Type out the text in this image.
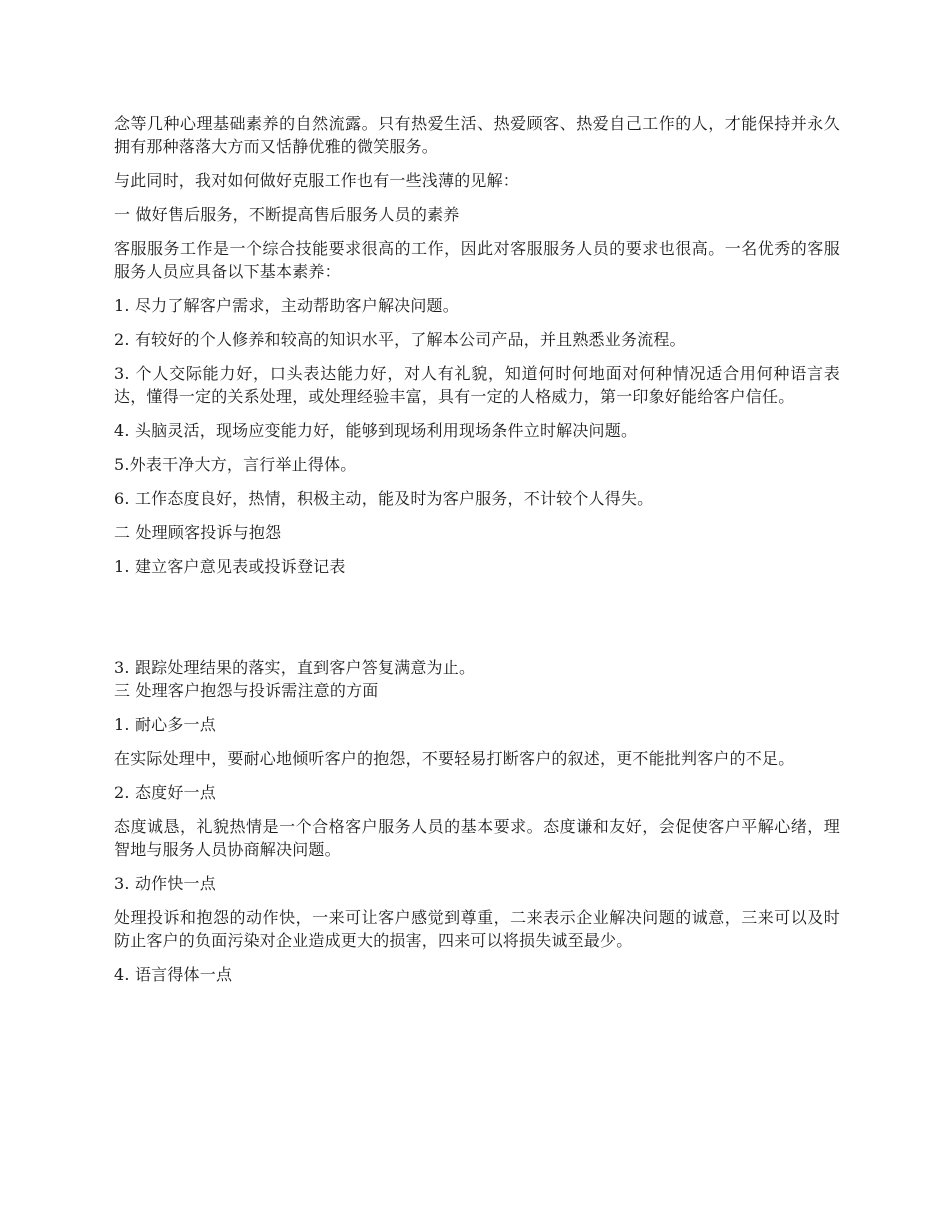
念等几种心理基础素养的自然流露。只有热爱生活、热爱顾客、热爱自己工作的人，才能保持并永久拥有那种落落大方而又恬静优雅的微笑服务。

与此同时，我对如何做好克服工作也有一些浅薄的见解：

一 做好售后服务，不断提高售后服务人员的素养

客服服务工作是一个综合技能要求很高的工作，因此对客服服务人员的要求也很高。一名优秀的客服服务人员应具备以下基本素养：

1. 尽力了解客户需求，主动帮助客户解决问题。

2. 有较好的个人修养和较高的知识水平，了解本公司产品，并且熟悉业务流程。

3. 个人交际能力好，口头表达能力好，对人有礼貌，知道何时何地面对何种情况适合用何种语言表达，懂得一定的关系处理，或处理经验丰富，具有一定的人格威力，第一印象好能给客户信任。

4. 头脑灵活，现场应变能力好，能够到现场利用现场条件立时解决问题。

5.外表干净大方，言行举止得体。

6. 工作态度良好，热情，积极主动，能及时为客户服务，不计较个人得失。

二 处理顾客投诉与抱怨

1. 建立客户意见表或投诉登记表

3. 跟踪处理结果的落实，直到客户答复满意为止。

三 处理客户抱怨与投诉需注意的方面

1. 耐心多一点

在实际处理中，要耐心地倾听客户的抱怨，不要轻易打断客户的叙述，更不能批判客户的不足。

2. 态度好一点

态度诚恳，礼貌热情是一个合格客户服务人员的基本要求。态度谦和友好，会促使客户平解心绪，理智地与服务人员协商解决问题。

3. 动作快一点

处理投诉和抱怨的动作快，一来可让客户感觉到尊重，二来表示企业解决问题的诚意，三来可以及时防止客户的负面污染对企业造成更大的损害，四来可以将损失诚至最少。

4. 语言得体一点
